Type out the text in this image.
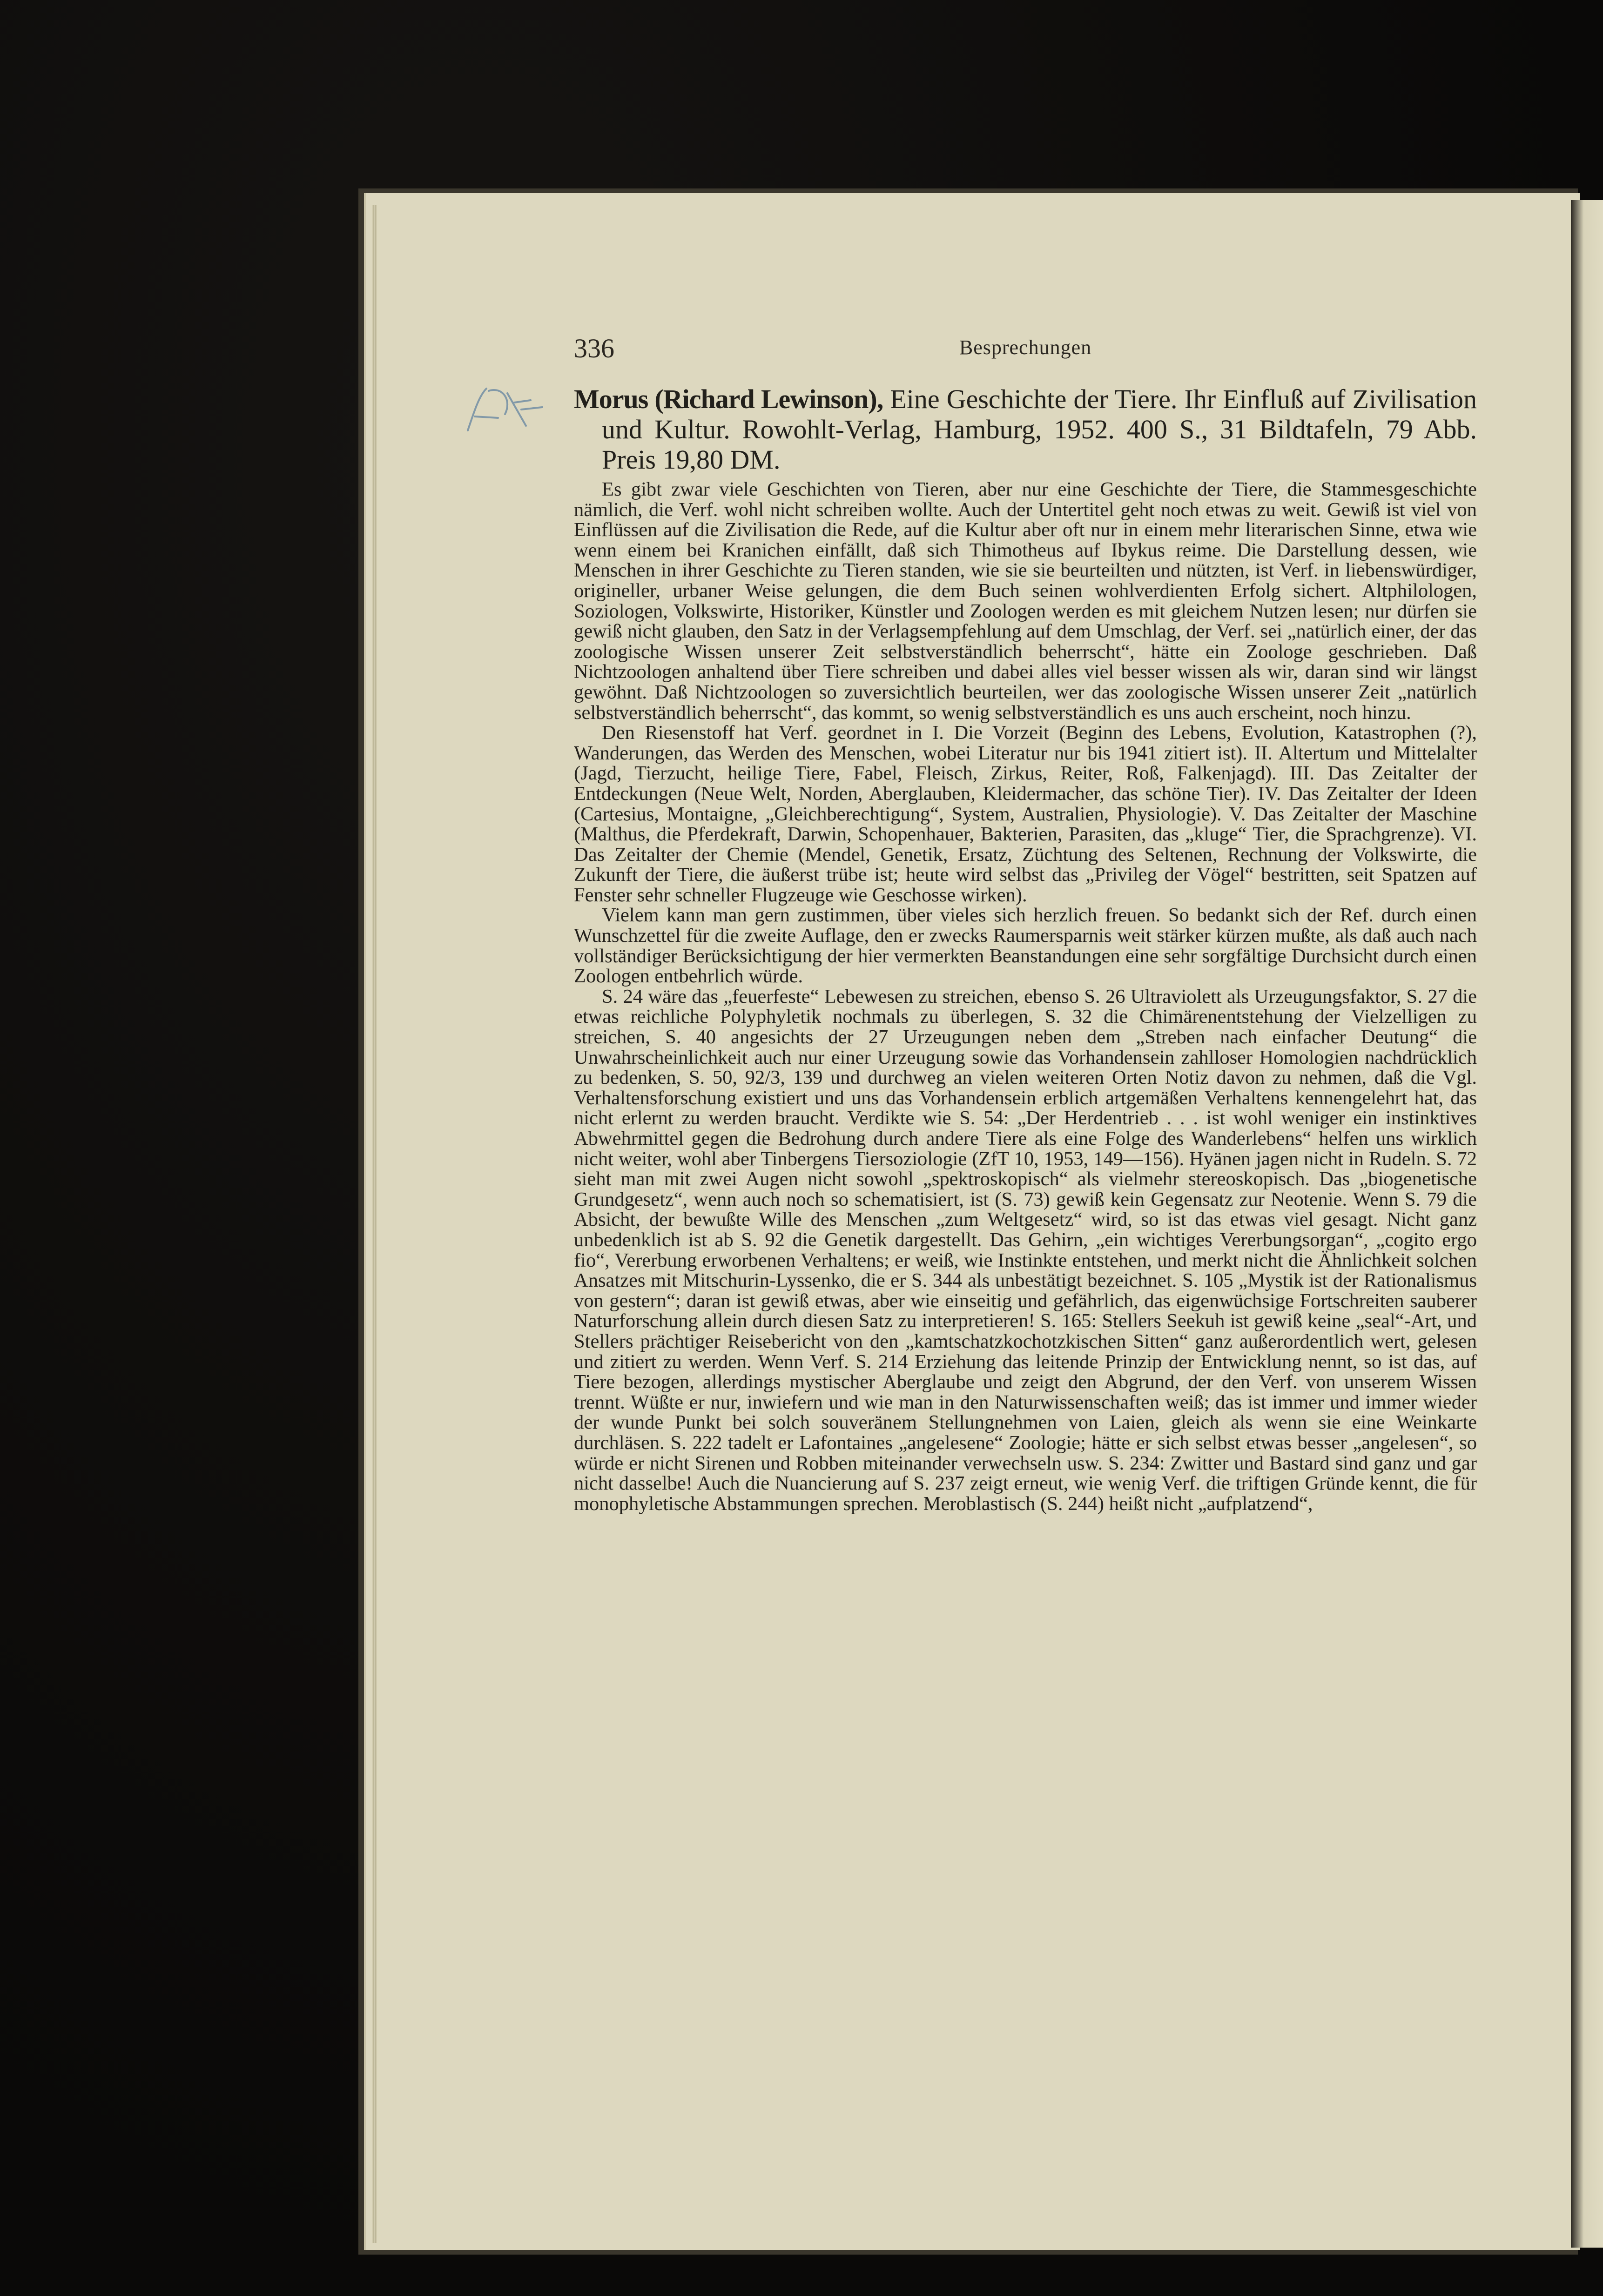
336	Besprechungen
Morus (Richard Lewinson), Eine Geschichte der Tiere. Ihr Einfluß auf Zivilisation und Kultur. Rowohlt-Verlag, Hamburg, 1952. 400 S., 31 Bildtafeln, 79 Abb. Preis 19,80 DM.

Es gibt zwar viele Geschichten von Tieren, aber nur eine Geschichte der Tiere, die Stammesgeschichte nämlich, die Verf. wohl nicht schreiben wollte. Auch der Untertitel geht noch etwas zu weit. Gewiß ist viel von Einflüssen auf die Zivilisation die Rede, auf die Kultur aber oft nur in einem mehr literarischen Sinne, etwa wie wenn einem bei Kranichen einfällt, daß sich Thimotheus auf Ibykus reime. Die Darstellung dessen, wie Menschen in ihrer Geschichte zu Tieren standen, wie sie sie beurteilten und nützten, ist Verf. in liebenswürdiger, origineller, urbaner Weise gelungen, die dem Buch seinen wohlverdienten Erfolg sichert. Altphilologen, Soziologen, Volkswirte, Historiker, Künstler und Zoologen werden es mit gleichem Nutzen lesen; nur dürfen sie gewiß nicht glauben, den Satz in der Verlagsempfehlung auf dem Umschlag, der Verf. sei „natürlich einer, der das zoologische Wissen unserer Zeit selbstverständlich beherrscht“, hätte ein Zoologe geschrieben. Daß Nichtzoologen anhaltend über Tiere schreiben und dabei alles viel besser wissen als wir, daran sind wir längst gewöhnt. Daß Nichtzoologen so zuversichtlich beurteilen, wer das zoologische Wissen unserer Zeit „natürlich selbstverständlich beherrscht“, das kommt, so wenig selbstverständlich es uns auch erscheint, noch hinzu.

Den Riesenstoff hat Verf. geordnet in I. Die Vorzeit (Beginn des Lebens, Evolution, Katastrophen (?), Wanderungen, das Werden des Menschen, wobei Literatur nur bis 1941 zitiert ist). II. Altertum und Mittelalter (Jagd, Tierzucht, heilige Tiere, Fabel, Fleisch, Zirkus, Reiter, Roß, Falkenjagd). III. Das Zeitalter der Entdeckungen (Neue Welt, Norden, Aberglauben, Kleidermacher, das schöne Tier). IV. Das Zeitalter der Ideen (Cartesius, Montaigne, „Gleichberechtigung“, System, Australien, Physiologie). V. Das Zeitalter der Maschine (Malthus, die Pferdekraft, Darwin, Schopenhauer, Bakterien, Parasiten, das „kluge“ Tier, die Sprachgrenze). VI. Das Zeitalter der Chemie (Mendel, Genetik, Ersatz, Züchtung des Seltenen, Rechnung der Volkswirte, die Zukunft der Tiere, die äußerst trübe ist; heute wird selbst das „Privileg der Vögel“ bestritten, seit Spatzen auf Fenster sehr schneller Flugzeuge wie Geschosse wirken).

Vielem kann man gern zustimmen, über vieles sich herzlich freuen. So bedankt sich der Ref. durch einen Wunschzettel für die zweite Auflage, den er zwecks Raumersparnis weit stärker kürzen mußte, als daß auch nach vollständiger Berücksichtigung der hier vermerkten Beanstandungen eine sehr sorgfältige Durchsicht durch einen Zoologen entbehrlich würde.

S. 24 wäre das „feuerfeste“ Lebewesen zu streichen, ebenso S. 26 Ultraviolett als Urzeugungsfaktor, S. 27 die etwas reichliche Polyphyletik nochmals zu überlegen, S. 32 die Chimärenentstehung der Vielzelligen zu streichen, S. 40 angesichts der 27 Urzeugungen neben dem „Streben nach einfacher Deutung“ die Unwahrscheinlichkeit auch nur einer Urzeugung sowie das Vorhandensein zahlloser Homologien nachdrücklich zu bedenken, S. 50, 92/3, 139 und durchweg an vielen weiteren Orten Notiz davon zu nehmen, daß die Vgl. Verhaltensforschung existiert und uns das Vorhandensein erblich artgemäßen Verhaltens kennengelehrt hat, das nicht erlernt zu werden braucht. Verdikte wie S. 54: „Der Herdentrieb . . . ist wohl weniger ein instinktives Abwehrmittel gegen die Bedrohung durch andere Tiere als eine Folge des Wanderlebens“ helfen uns wirklich nicht weiter, wohl aber Tinbergens Tiersoziologie (ZfT 10, 1953, 149—156). Hyänen jagen nicht in Rudeln. S. 72 sieht man mit zwei Augen nicht sowohl „spektroskopisch“ als vielmehr stereoskopisch. Das „biogenetische Grundgesetz“, wenn auch noch so schematisiert, ist (S. 73) gewiß kein Gegensatz zur Neotenie. Wenn S. 79 die Absicht, der bewußte Wille des Menschen „zum Weltgesetz“ wird, so ist das etwas viel gesagt. Nicht ganz unbedenklich ist ab S. 92 die Genetik dargestellt. Das Gehirn, „ein wichtiges Vererbungsorgan“, „cogito ergo fio“, Vererbung erworbenen Verhaltens; er weiß, wie Instinkte entstehen, und merkt nicht die Ähnlichkeit solchen Ansatzes mit Mitschurin-Lyssenko, die er S. 344 als unbestätigt bezeichnet. S. 105 „Mystik ist der Rationalismus von gestern“; daran ist gewiß etwas, aber wie einseitig und gefährlich, das eigenwüchsige Fortschreiten sauberer Naturforschung allein durch diesen Satz zu interpretieren! S. 165: Stellers Seekuh ist gewiß keine „seal“-Art, und Stellers prächtiger Reisebericht von den „kamtschatzkochotzkischen Sitten“ ganz außerordentlich wert, gelesen und zitiert zu werden. Wenn Verf. S. 214 Erziehung das leitende Prinzip der Entwicklung nennt, so ist das, auf Tiere bezogen, allerdings mystischer Aberglaube und zeigt den Abgrund, der den Verf. von unserem Wissen trennt. Wüßte er nur, inwiefern und wie man in den Naturwissenschaften weiß; das ist immer und immer wieder der wunde Punkt bei solch souveränem Stellungnehmen von Laien, gleich als wenn sie eine Weinkarte durchläsen. S. 222 tadelt er Lafontaines „angelesene“ Zoologie; hätte er sich selbst etwas besser „angelesen“, so würde er nicht Sirenen und Robben miteinander verwechseln usw. S. 234: Zwitter und Bastard sind ganz und gar nicht dasselbe! Auch die Nuancierung auf S. 237 zeigt erneut, wie wenig Verf. die triftigen Gründe kennt, die für monophyletische Abstammungen sprechen. Meroblastisch (S. 244) heißt nicht „aufplatzend“,
